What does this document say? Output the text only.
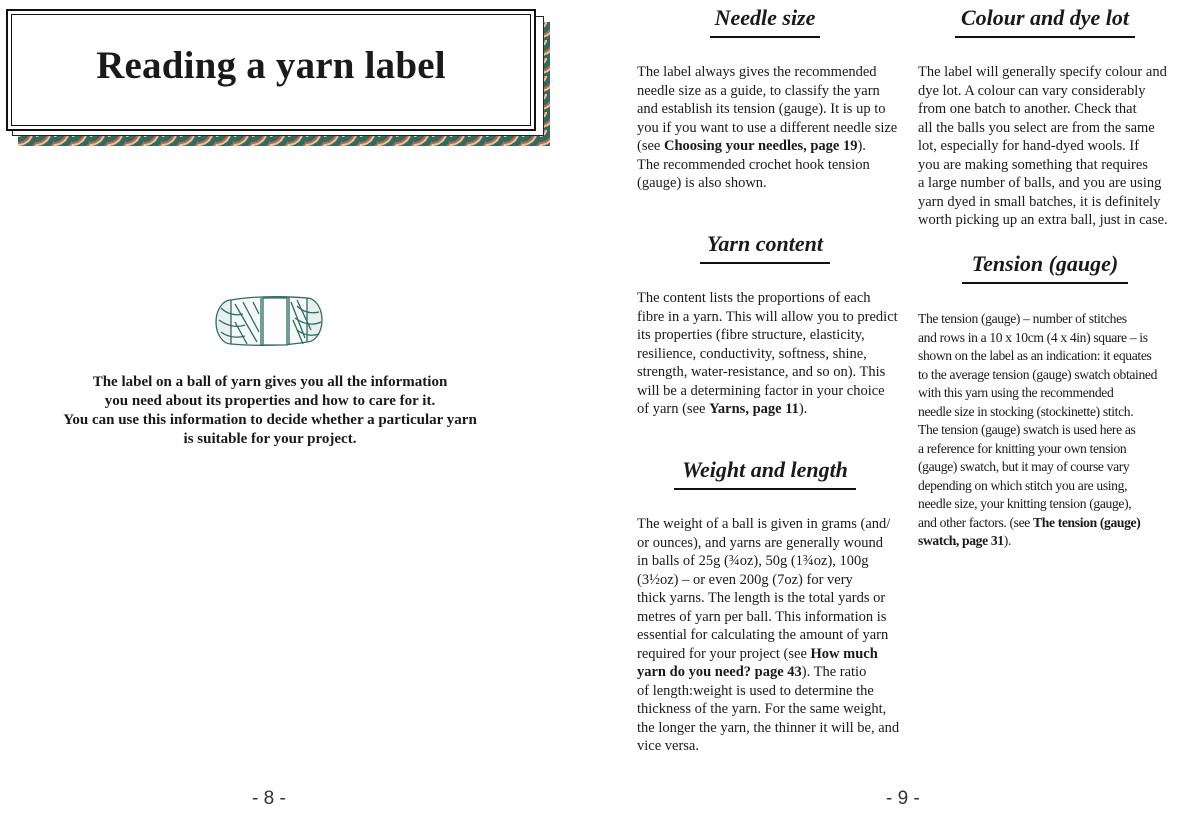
Reading a yarn label

The label on a ball of yarn gives you all the information

you need about its properties and how to care for it.

You can use this information to decide whether a particular yarn

is suitable for your project.

- 8 -
Needle size
The label always gives the recommended
needle size as a guide, to classify the yarn
and establish its tension (gauge). It is up to
you if you want to use a different needle size
(see Choosing your needles, page 19).
The recommended crochet hook tension
(gauge) is also shown.
Colour and dye lot
The label will generally specify colour and
dye lot. A colour can vary considerably
from one batch to another. Check that
all the balls you select are from the same
lot, especially for hand-dyed wools. If
you are making something that requires
a large number of balls, and you are using
yarn dyed in small batches, it is definitely
worth picking up an extra ball, just in case.
Yarn content
The content lists the proportions of each
fibre in a yarn. This will allow you to predict
its properties (fibre structure, elasticity,
resilience, conductivity, softness, shine,
strength, water-resistance, and so on). This
will be a determining factor in your choice
of yarn (see Yarns, page 11).
Tension (gauge)
The tension (gauge) – number of stitches
and rows in a 10 x 10cm (4 x 4in) square – is
shown on the label as an indication: it equates
to the average tension (gauge) swatch obtained
with this yarn using the recommended
needle size in stocking (stockinette) stitch.
The tension (gauge) swatch is used here as
a reference for knitting your own tension
(gauge) swatch, but it may of course vary
depending on which stitch you are using,
needle size, your knitting tension (gauge),
and other factors. (see The tension (gauge)
swatch, page 31).
Weight and length
The weight of a ball is given in grams (and/
or ounces), and yarns are generally wound
in balls of 25g (¾oz), 50g (1¾oz), 100g
(3½oz) – or even 200g (7oz) for very
thick yarns. The length is the total yards or
metres of yarn per ball. This information is
essential for calculating the amount of yarn
required for your project (see How much
yarn do you need? page 43). The ratio
of length:weight is used to determine the
thickness of the yarn. For the same weight,
the longer the yarn, the thinner it will be, and
vice versa.
- 9 -
